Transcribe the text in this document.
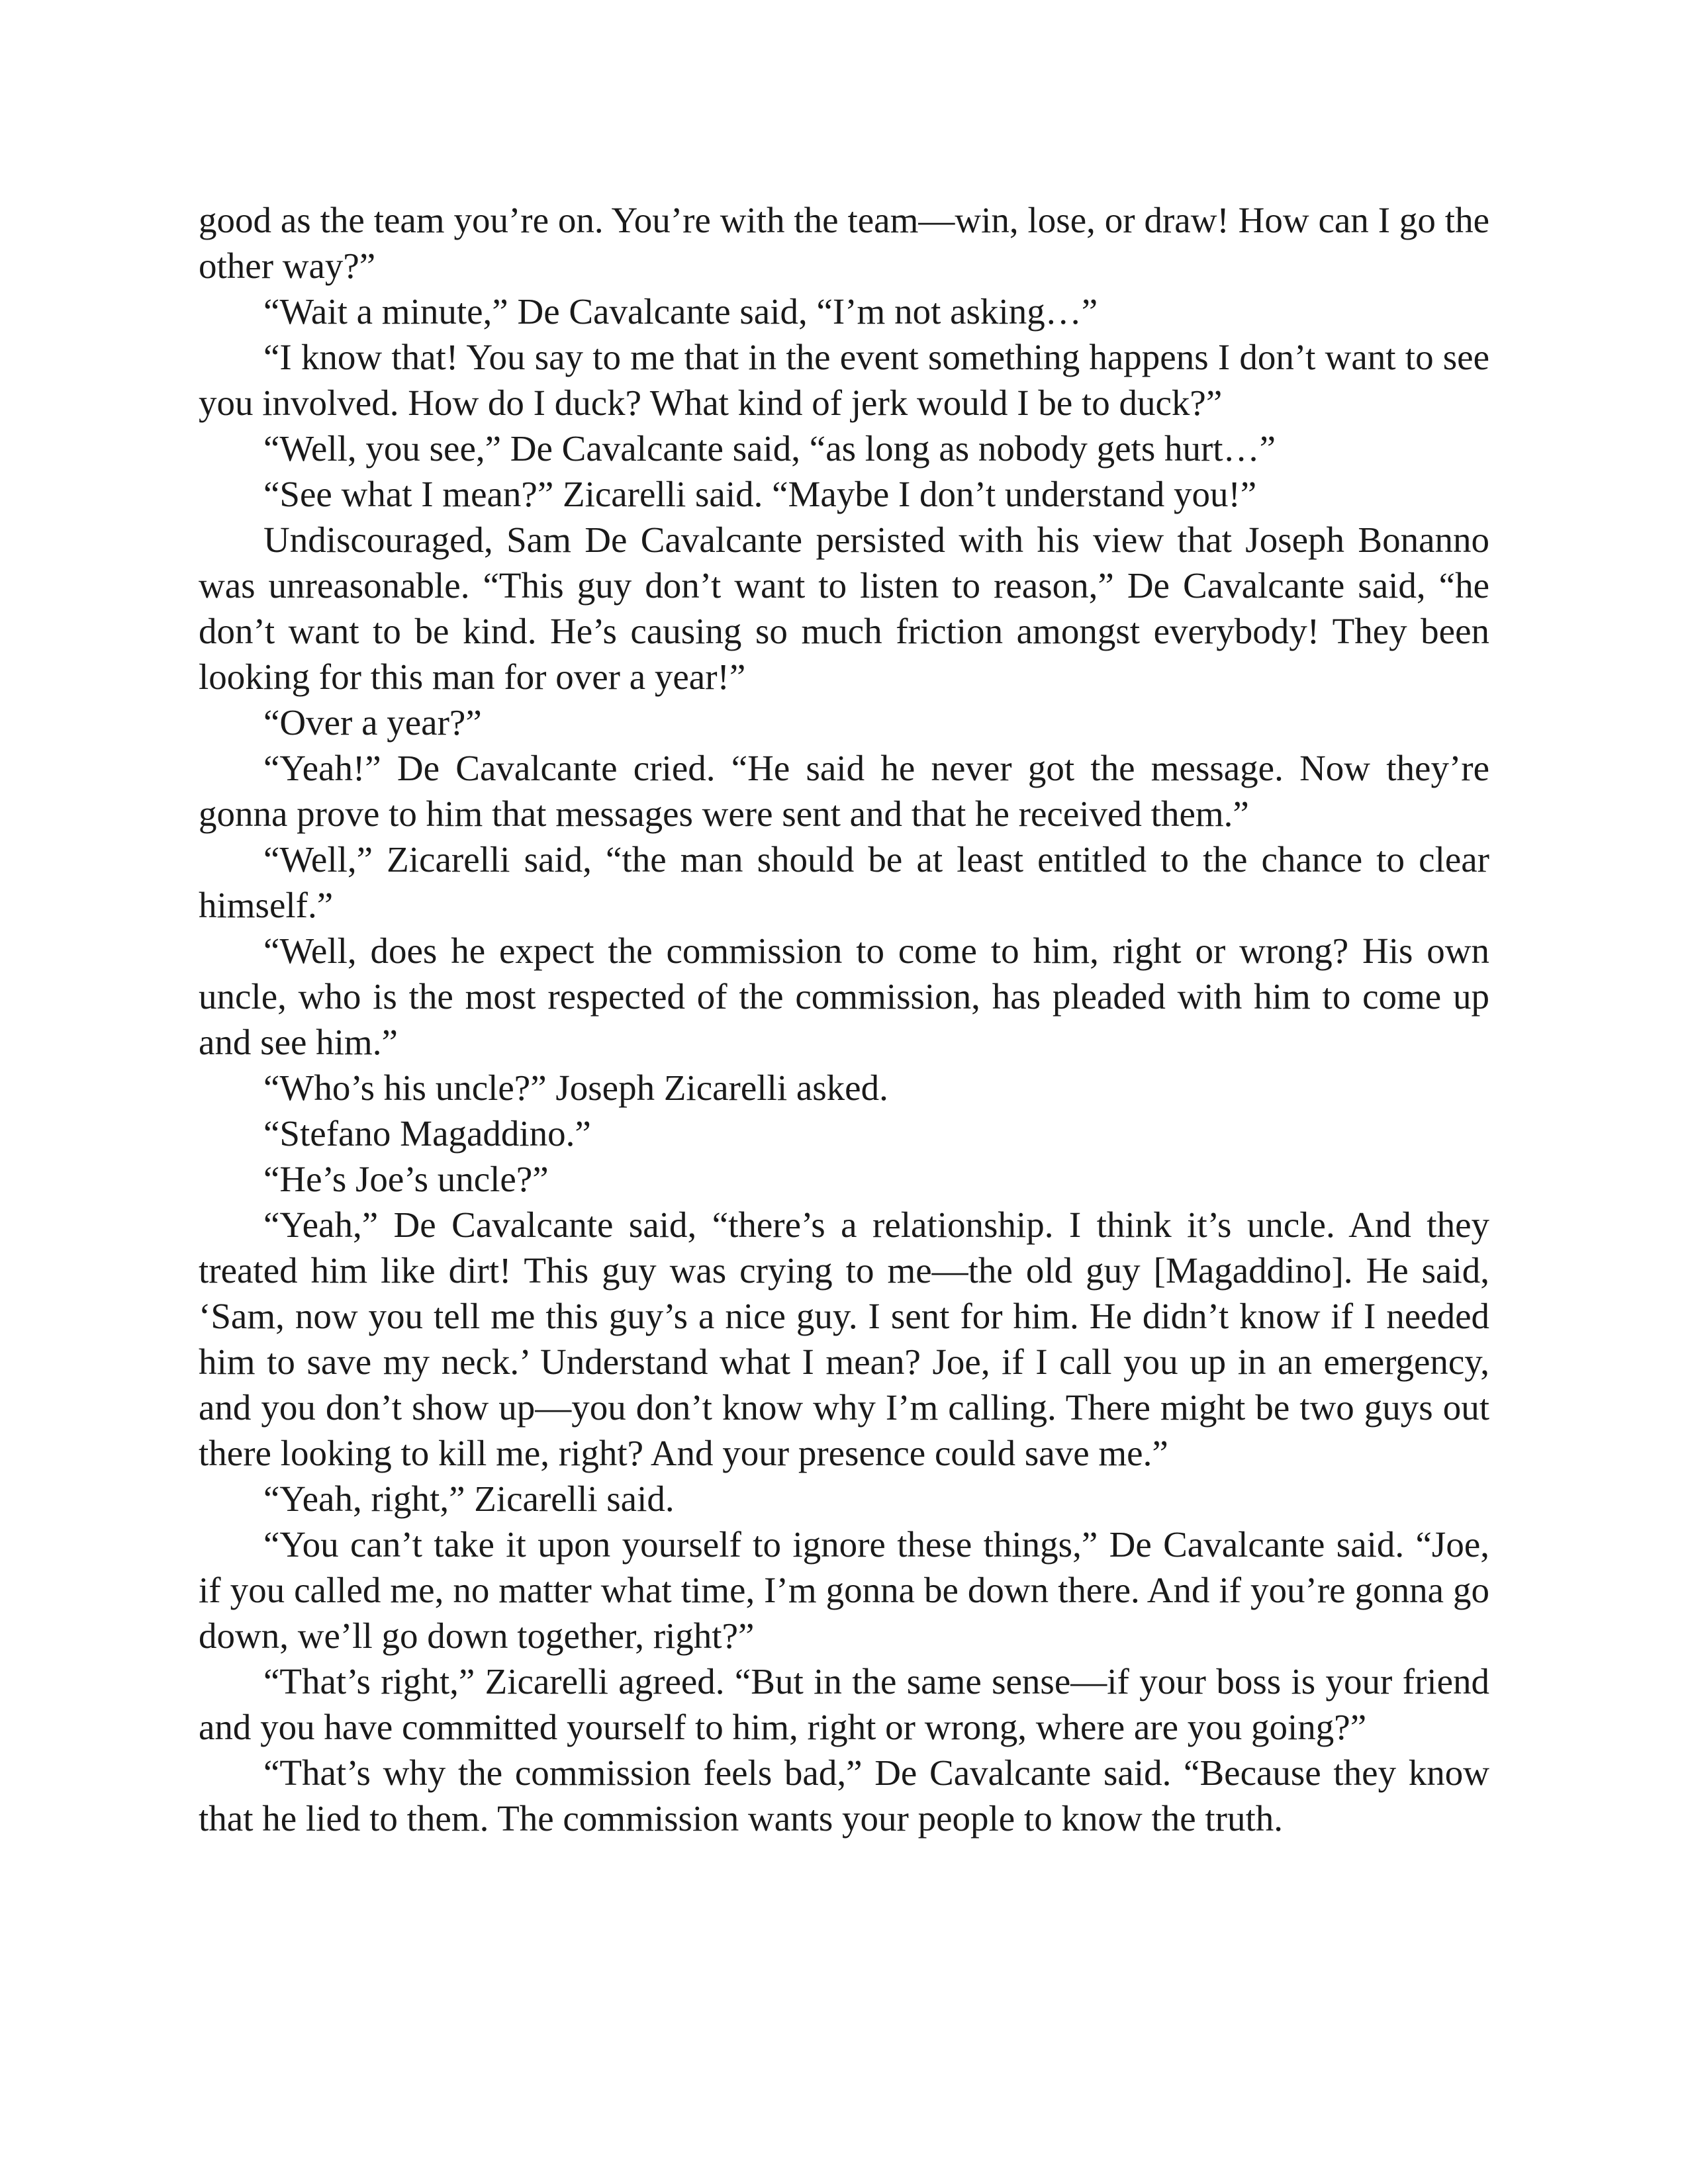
good as the team you’re on. You’re with the team—win, lose, or draw! How can I go the other way?”

“Wait a minute,” De Cavalcante said, “I’m not asking…”

“I know that! You say to me that in the event something happens I don’t want to see you involved. How do I duck? What kind of jerk would I be to duck?”

“Well, you see,” De Cavalcante said, “as long as nobody gets hurt…”

“See what I mean?” Zicarelli said. “Maybe I don’t understand you!”

Undiscouraged, Sam De Cavalcante persisted with his view that Joseph Bonanno was unreasonable. “This guy don’t want to listen to reason,” De Cavalcante said, “he don’t want to be kind. He’s causing so much friction amongst everybody! They been looking for this man for over a year!”

“Over a year?”

“Yeah!” De Cavalcante cried. “He said he never got the message. Now they’re gonna prove to him that messages were sent and that he received them.”

“Well,” Zicarelli said, “the man should be at least entitled to the chance to clear himself.”

“Well, does he expect the commission to come to him, right or wrong? His own uncle, who is the most respected of the commission, has pleaded with him to come up and see him.”

“Who’s his uncle?” Joseph Zicarelli asked.

“Stefano Magaddino.”

“He’s Joe’s uncle?”

“Yeah,” De Cavalcante said, “there’s a relationship. I think it’s uncle. And they treated him like dirt! This guy was crying to me—the old guy [Magaddino]. He said, ‘Sam, now you tell me this guy’s a nice guy. I sent for him. He didn’t know if I needed him to save my neck.’ Understand what I mean? Joe, if I call you up in an emergency, and you don’t show up—you don’t know why I’m calling. There might be two guys out there looking to kill me, right? And your presence could save me.”

“Yeah, right,” Zicarelli said.

“You can’t take it upon yourself to ignore these things,” De Cavalcante said. “Joe, if you called me, no matter what time, I’m gonna be down there. And if you’re gonna go down, we’ll go down together, right?”

“That’s right,” Zicarelli agreed. “But in the same sense—if your boss is your friend and you have committed yourself to him, right or wrong, where are you going?”

“That’s why the commission feels bad,” De Cavalcante said. “Because they know that he lied to them. The commission wants your people to know the truth.
